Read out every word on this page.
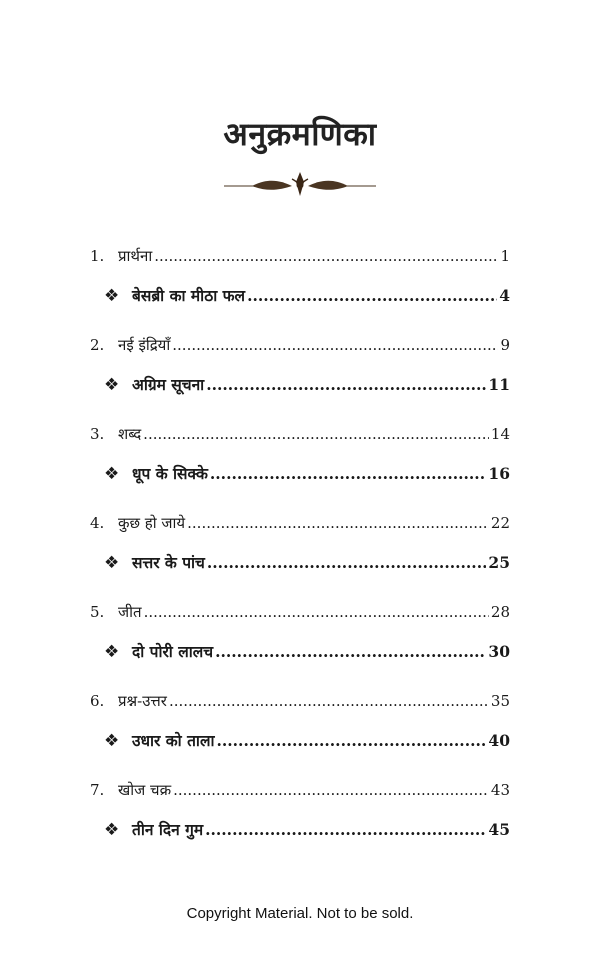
अनुक्रमणिका
1. प्रार्थना .....	1
❖ बेसब्री का मीठा फल .....	4
2. नई इंद्रियाँ .....	9
❖ अग्रिम सूचना .....	11
3. शब्द .....	14
❖ धूप के सिक्के .....	16
4. कुछ हो जाये .....	22
❖ सत्तर के पांच .....	25
5. जीत .....	28
❖ दो पोरी लालच .....	30
6. प्रश्न-उत्तर .....	35
❖ उधार को ताला .....	40
7. खोज चक्र .....	43
❖ तीन दिन गुम .....	45
Copyright Material. Not to be sold.
